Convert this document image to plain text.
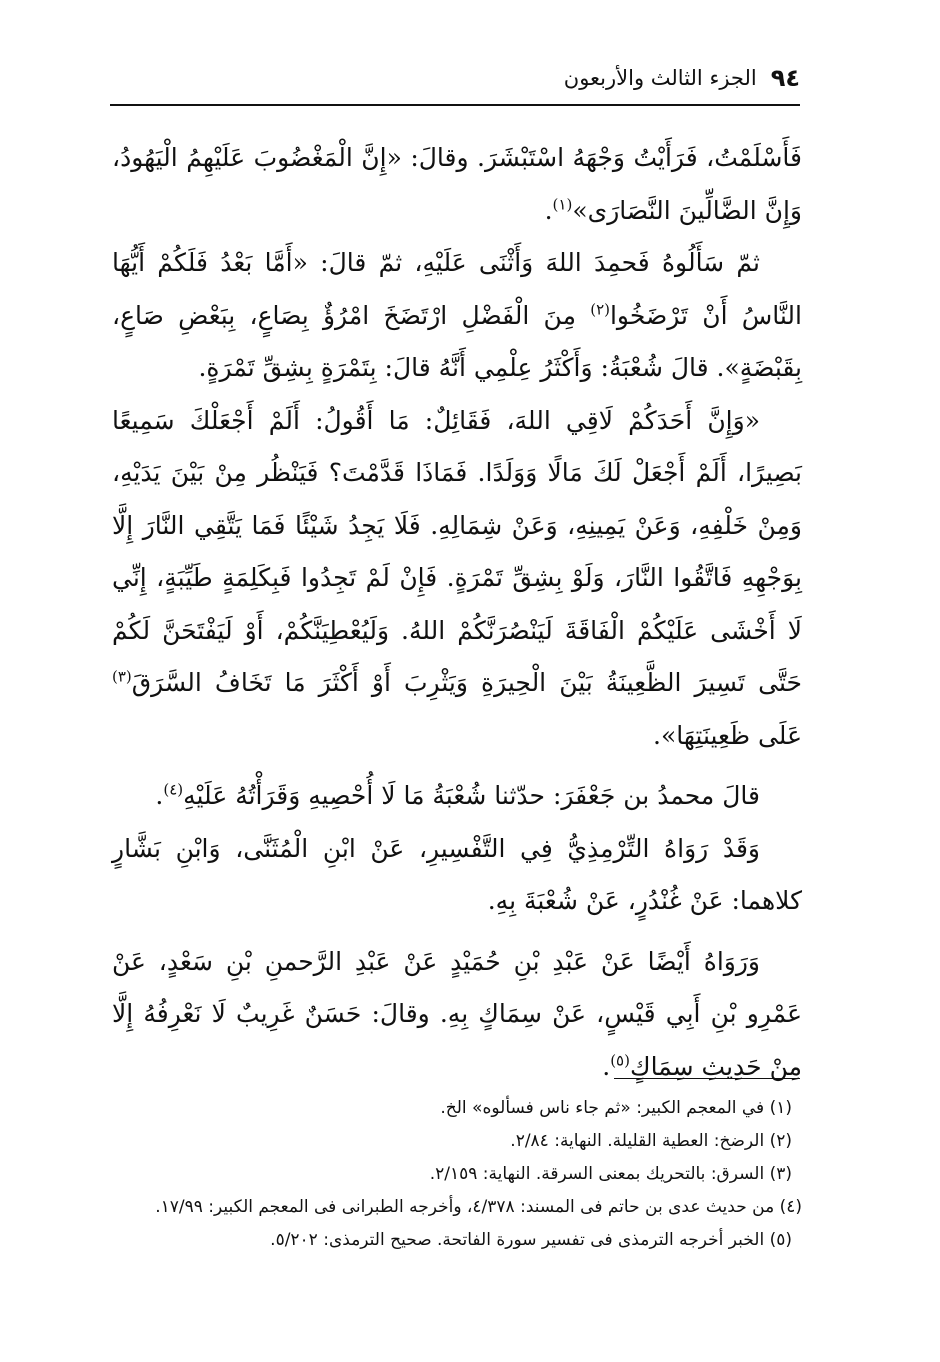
٩٤
الجزء الثالث والأربعون

فَأَسْلَمْتُ، فَرَأَيْتُ وَجْهَهُ اسْتَبْشَرَ. وقالَ: «إِنَّ الْمَغْضُوبَ عَلَيْهِمُ الْيَهُودُ، وَإِنَّ الضَّالِّينَ النَّصَارَى»$^{(١)}$.

ثمّ سَأَلُوهُ فَحمِدَ اللهَ وَأَثْنَى عَلَيْهِ، ثمّ قالَ: «أَمَّا بَعْدُ فَلَكُمْ أَيُّهَا النَّاسُ أَنْ تَرْضَخُوا$^{(٢)}$ مِنَ الْفَضْلِ ارْتَضَخَ امْرُؤٌ بِصَاعٍ، بِبَعْضِ صَاعٍ، بِقَبْضَةٍ». قالَ شُعْبَةُ: وَأَكْثَرُ عِلْمِي أَنَّهُ قالَ: بِتَمْرَةٍ بِشِقِّ تَمْرَةٍ.

«وَإِنَّ أَحَدَكُمْ لَاقِي اللهَ، فَقَائِلٌ: مَا أَقُولُ: أَلَمْ أَجْعَلْكَ سَمِيعًا بَصِيرًا، أَلَمْ أَجْعَلْ لَكَ مَالًا وَوَلَدًا. فَمَاذَا قَدَّمْتَ؟ فَيَنْظُر مِنْ بَيْنَ يَدَيْهِ، وَمِنْ خَلْفِهِ، وَعَنْ يَمِينِهِ، وَعَنْ شِمَالِهِ. فَلَا يَجِدُ شَيْئًا فَمَا يَتَّقِي النَّارَ إِلَّا بِوَجْهِهِ فَاتَّقُوا النَّارَ، وَلَوْ بِشِقِّ تَمْرَةٍ. فَإِنْ لَمْ تَجِدُوا فَبِكَلِمَةٍ طَيِّبَةٍ، إِنِّي لَا أَخْشَى عَلَيْكُمْ الْفَاقَةَ لَيَنْصُرَنَّكُمْ اللهُ. وَلَيُعْطِيَنَّكُمْ، أَوْ لَيَفْتَحَنَّ لَكُمْ حَتَّى تَسِيرَ الظَّعِينَةُ بَيْنَ الْحِيرَةِ وَيَثْرِبَ أَوْ أَكْثَرَ مَا تَخَافُ السَّرَقَ$^{(٣)}$ عَلَى ظَعِينَتِهَا».

قالَ محمدُ بن جَعْفَرَ: حدّثنا شُعْبَةُ مَا لَا أُحْصِيهِ وَقَرَأْتُهُ عَلَيْهِ$^{(٤)}$.

وَقَدْ رَوَاهُ التِّرْمِذِيُّ فِي التَّفْسِيرِ، عَنْ ابْنِ الْمُثَنَّى، وَابْنِ بَشَّارٍ كلاهما: عَنْ غُنْدُرٍ، عَنْ شُعْبَةَ بِهِ.

وَرَوَاهُ أَيْضًا عَنْ عَبْدِ بْنِ حُمَيْدٍ عَنْ عَبْدِ الرَّحمنِ بْنِ سَعْدٍ، عَنْ عَمْرِو بْنِ أَبِي قَيْسٍ، عَنْ سِمَاكٍ بِهِ. وقالَ: حَسَنٌ غَرِيبٌ لَا نَعْرِفُهُ إِلَّا مِنْ حَدِيثِ سِمَاكٍ$^{(٥)}$.

(١) في المعجم الكبير: «ثم جاء ناس فسألوه» الخ.

(٢) الرضخ: العطية القليلة. النهاية: ٢/٨٤.

(٣) السرق: بالتحريك بمعنى السرقة. النهاية: ٢/١٥٩.

(٤) من حديث عدى بن حاتم فى المسند: ٤/٣٧٨، وأخرجه الطبرانى فى المعجم الكبير: ١٧/٩٩.

(٥) الخبر أخرجه الترمذى فى تفسير سورة الفاتحة. صحيح الترمذى: ٥/٢٠٢.
